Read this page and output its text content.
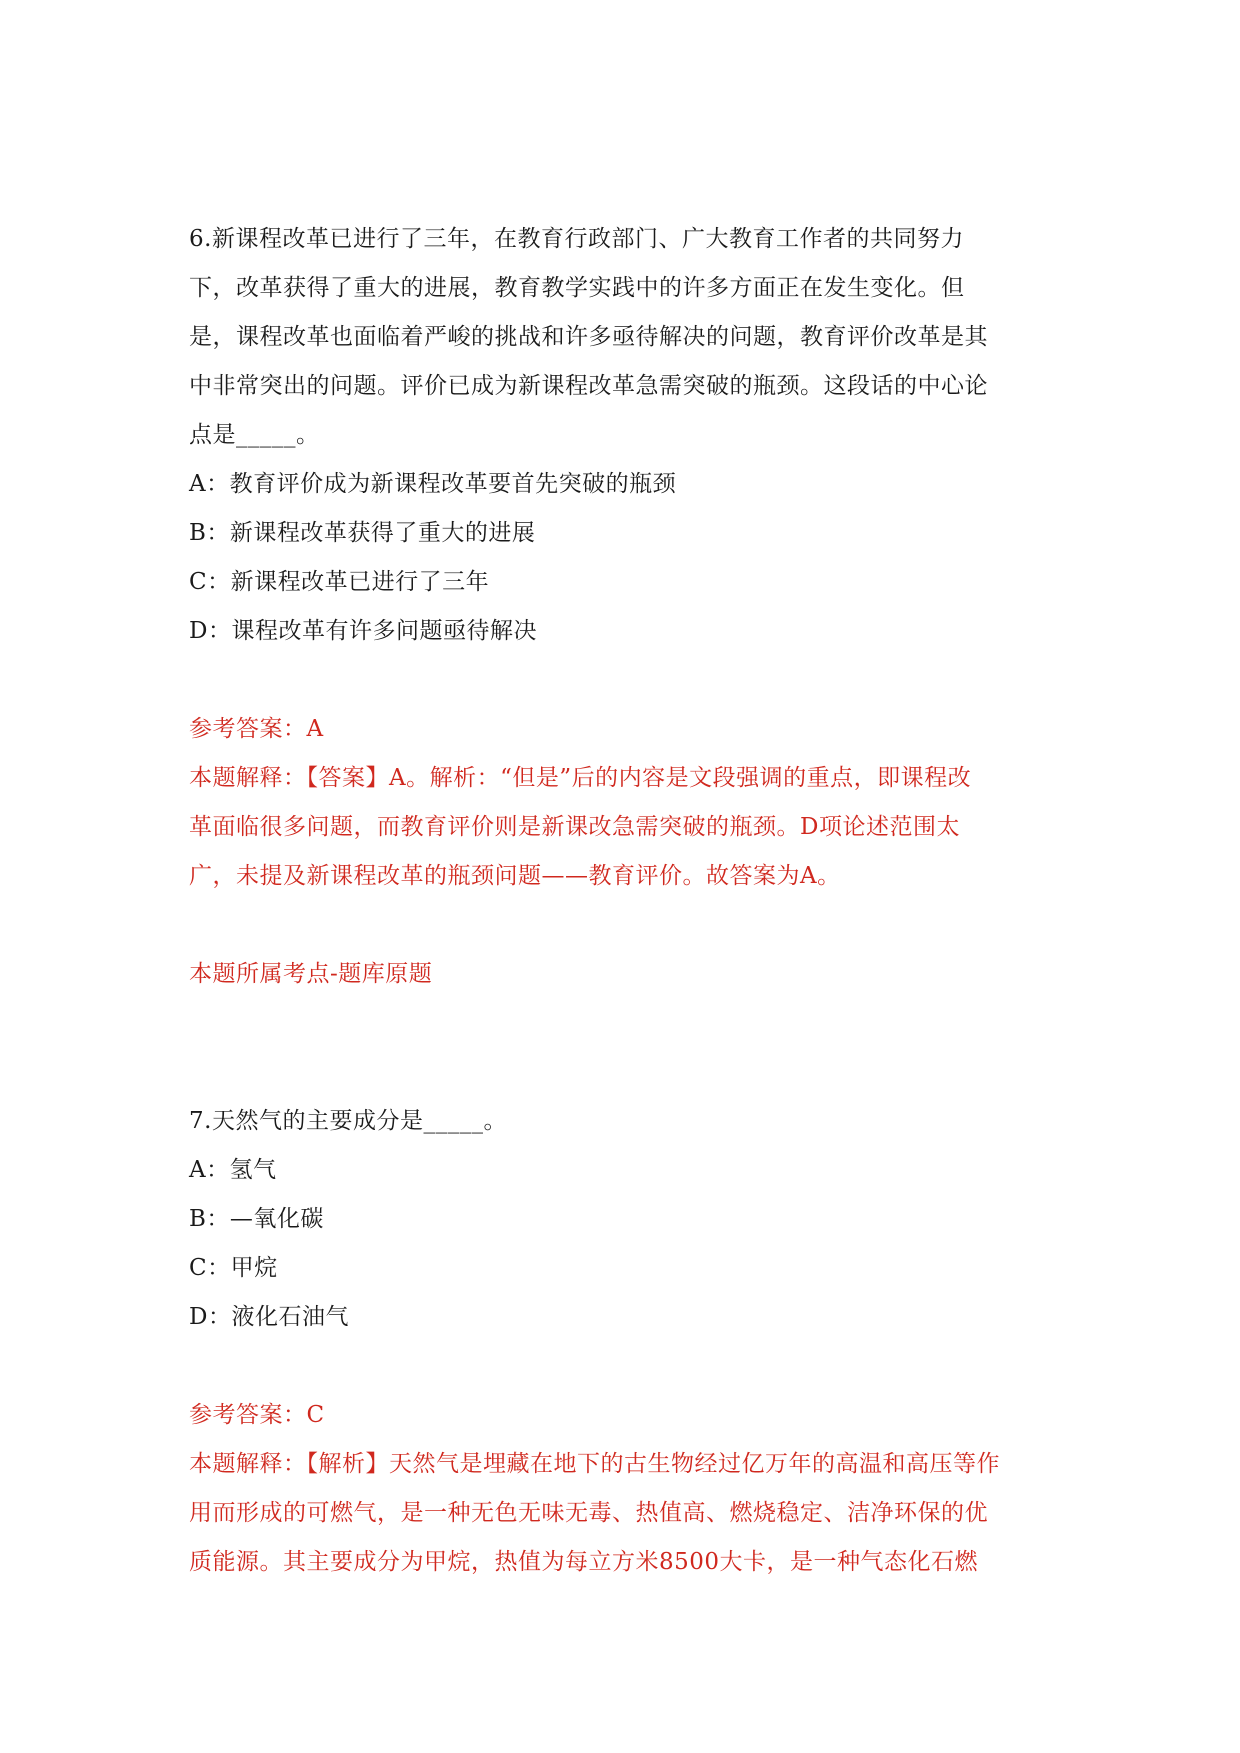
6.新课程改革已进行了三年，在教育行政部门、广大教育工作者的共同努力
下，改革获得了重大的进展，教育教学实践中的许多方面正在发生变化。但
是，课程改革也面临着严峻的挑战和许多亟待解决的问题，教育评价改革是其
中非常突出的问题。评价已成为新课程改革急需突破的瓶颈。这段话的中心论
点是_____。
A：教育评价成为新课程改革要首先突破的瓶颈
B：新课程改革获得了重大的进展
C：新课程改革已进行了三年
D：课程改革有许多问题亟待解决
参考答案：A
本题解释：【答案】A。解析：“但是”后的内容是文段强调的重点，即课程改
革面临很多问题，而教育评价则是新课改急需突破的瓶颈。D项论述范围太
广，未提及新课程改革的瓶颈问题——教育评价。故答案为A。
本题所属考点-题库原题
7.天然气的主要成分是_____。
A：氢气
B：—氧化碳
C：甲烷
D：液化石油气
参考答案：C
本题解释：【解析】天然气是埋藏在地下的古生物经过亿万年的高温和高压等作
用而形成的可燃气，是一种无色无味无毒、热值高、燃烧稳定、洁净环保的优
质能源。其主要成分为甲烷，热值为每立方米8500大卡，是一种气态化石燃
